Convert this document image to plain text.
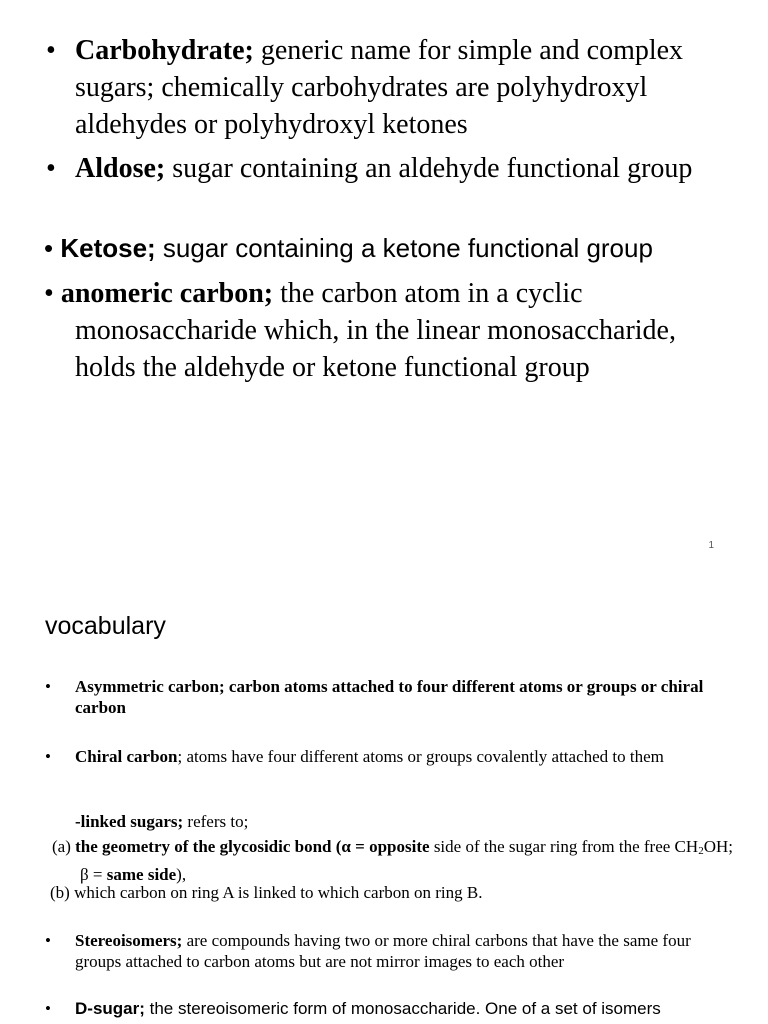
• Carbohydrate; generic name for simple and complex sugars; chemically carbohydrates are polyhydroxyl aldehydes or polyhydroxyl ketones
• Aldose; sugar containing an aldehyde functional group
• Ketose; sugar containing a ketone functional group
• anomeric carbon; the carbon atom in a cyclic monosaccharide which, in the linear monosaccharide, holds the aldehyde or ketone functional group
1
vocabulary
• Asymmetric carbon; carbon atoms attached to four different atoms or groups or chiral carbon
• Chiral carbon; atoms have four different atoms or groups covalently attached to them
-linked sugars; refers to;
(a) the geometry of the glycosidic bond (α = opposite side of the sugar ring from the free $CH_2OH$; β = same side),
(b) which carbon on ring A is linked to which carbon on ring B.
• Stereoisomers; are compounds having two or more chiral carbons that have the same four groups attached to carbon atoms but are not mirror images to each other
• D-sugar; the stereoisomeric form of monosaccharide. One of a set of isomers
